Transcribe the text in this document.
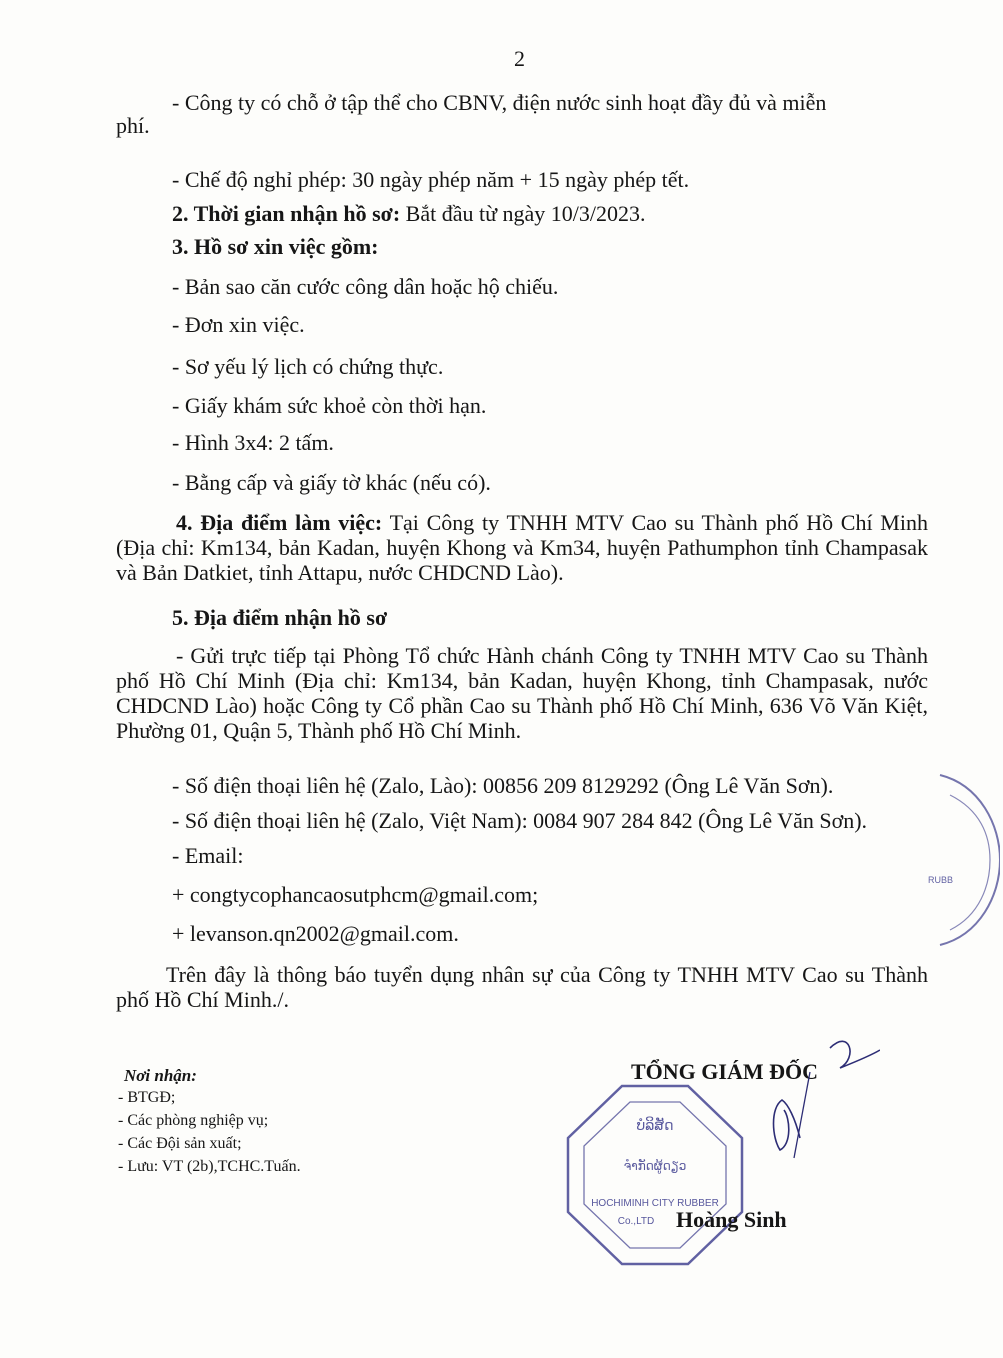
2
- Công ty có chỗ ở tập thể cho CBNV, điện nước sinh hoạt đầy đủ và miễn
phí.
- Chế độ nghỉ phép: 30 ngày phép năm + 15 ngày phép tết.
2. Thời gian nhận hồ sơ: Bắt đầu từ ngày 10/3/2023.
3. Hồ sơ xin việc gồm:
- Bản sao căn cước công dân hoặc hộ chiếu.
- Đơn xin việc.
- Sơ yếu lý lịch có chứng thực.
- Giấy khám sức khoẻ còn thời hạn.
- Hình 3x4: 2 tấm.
- Bằng cấp và giấy tờ khác (nếu có).
4. Địa điểm làm việc: Tại Công ty TNHH MTV Cao su Thành phố Hồ Chí Minh (Địa chỉ: Km134, bản Kadan, huyện Khong và Km34, huyện Pathumphon tỉnh Champasak và Bản Datkiet, tỉnh Attapu, nước CHDCND Lào).
5. Địa điểm nhận hồ sơ
- Gửi trực tiếp tại Phòng Tổ chức Hành chánh Công ty TNHH MTV Cao su Thành phố Hồ Chí Minh (Địa chỉ: Km134, bản Kadan, huyện Khong, tỉnh Champasak, nước CHDCND Lào) hoặc Công ty Cổ phần Cao su Thành phố Hồ Chí Minh, 636 Võ Văn Kiệt, Phường 01, Quận 5, Thành phố Hồ Chí Minh.
- Số điện thoại liên hệ (Zalo, Lào): 00856 209 8129292 (Ông Lê Văn Sơn).
- Số điện thoại liên hệ (Zalo, Việt Nam): 0084 907 284 842 (Ông Lê Văn Sơn).
- Email:
+ congtycophancaosutphcm@gmail.com;
+ levanson.qn2002@gmail.com.
Trên đây là thông báo tuyển dụng nhân sự của Công ty TNHH MTV Cao su Thành phố Hồ Chí Minh./.
Nơi nhận:
- BTGĐ;
- Các phòng nghiệp vụ;
- Các Đội sản xuất;
- Lưu: VT (2b),TCHC.Tuấn.
TỔNG GIÁM ĐỐC
ບໍລິສັດ
ຈຳກັດຜູ້ດຽວ
HOCHIMINH CITY RUBBER
Co.,LTD Hoàng Sinh
RUBB
